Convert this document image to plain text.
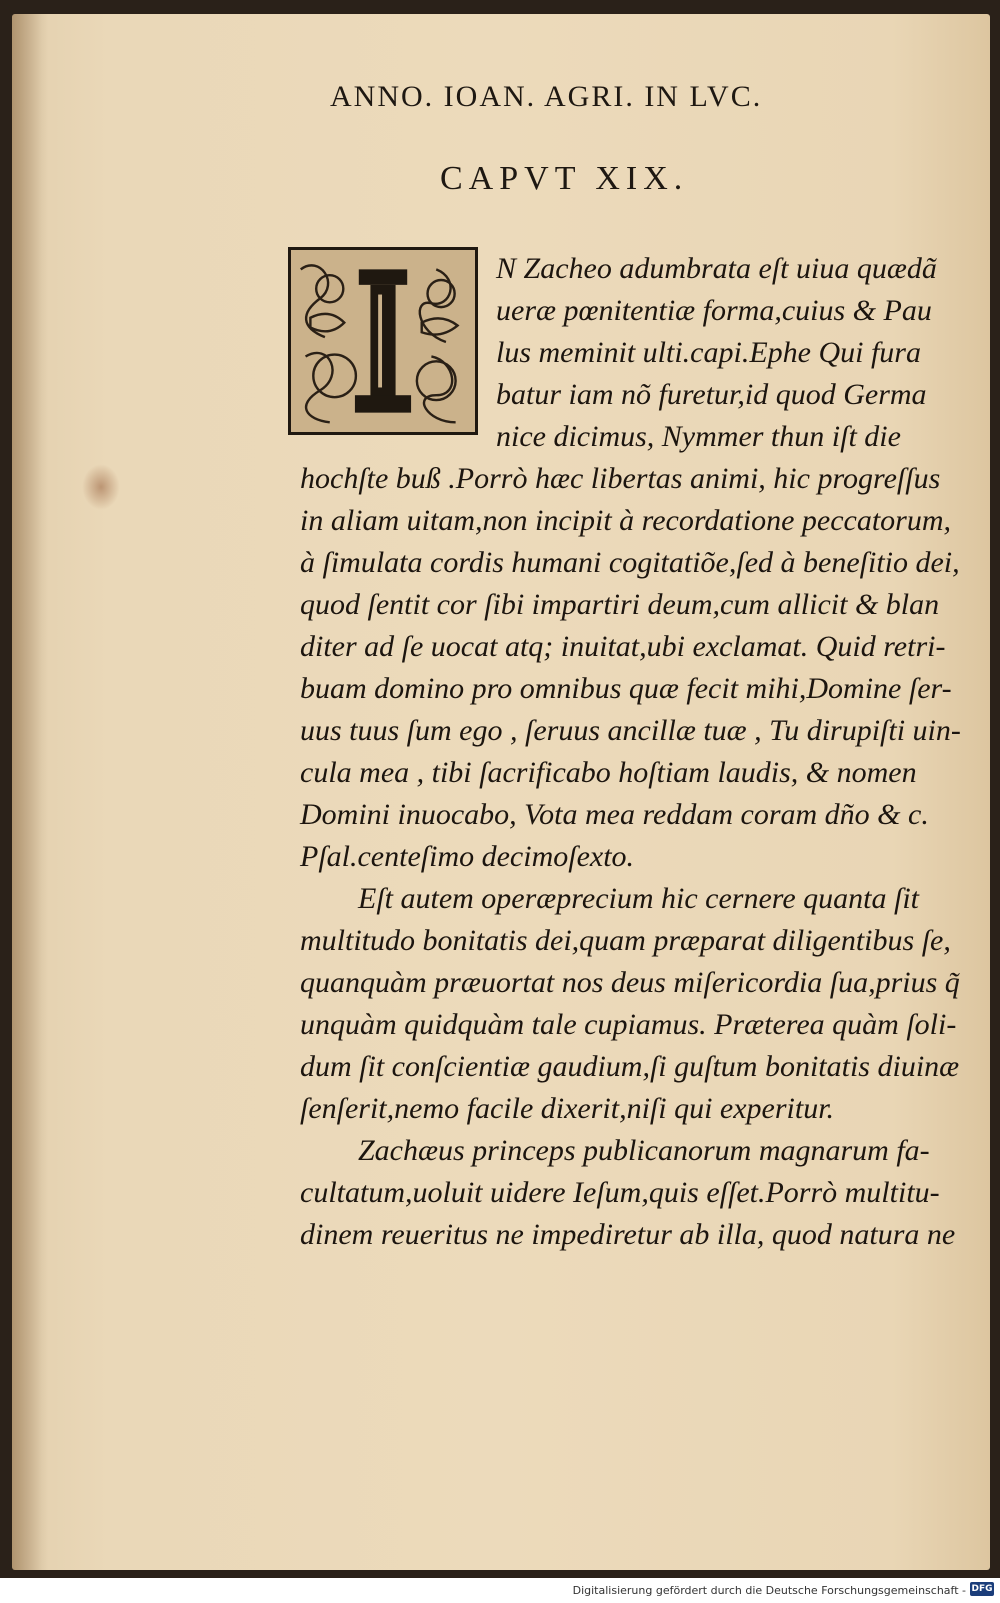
ANNO. IOAN. AGRI. IN LVC.
CAPVT XIX.
N Zacheo adumbrata eſt uiua quædã
ueræ pœnitentiæ forma,cuius & Pau
lus meminit ulti.capi.Ephe Qui fura
batur iam nõ furetur,id quod Germa
nice dicimus, Nymmer thun iſt die
hochſte buß .Porrò hæc libertas animi, hic progreſſus
in aliam uitam,non incipit à recordatione peccatorum,
à ſimulata cordis humani cogitatiõe,ſed à beneſitio dei,
quod ſentit cor ſibi impartiri deum,cum allicit & blan
diter ad ſe uocat atq; inuitat,ubi exclamat. Quid retri-
buam domino pro omnibus quæ fecit mihi,Domine ſer-
uus tuus ſum ego , ſeruus ancillæ tuæ , Tu dirupiſti uin-
cula mea , tibi ſacrificabo hoſtiam laudis, & nomen
Domini inuocabo, Vota mea reddam coram dño & c.
Pſal.centeſimo decimoſexto.
Eſt autem operæprecium hic cernere quanta ſit
multitudo bonitatis dei,quam præparat diligentibus ſe,
quanquàm præuortat nos deus miſericordia ſua,prius q̃
unquàm quidquàm tale cupiamus. Præterea quàm ſoli-
dum ſit conſcientiæ gaudium,ſi guſtum bonitatis diuinæ
ſenſerit,nemo facile dixerit,niſi qui experitur.
Zachæus princeps publicanorum magnarum fa-
cultatum,uoluit uidere Ieſum,quis eſſet.Porrò multitu-
dinem reueritus ne impediretur ab illa, quod natura ne
Digitalisierung gefördert durch die Deutsche Forschungsgemeinschaft - DFG
